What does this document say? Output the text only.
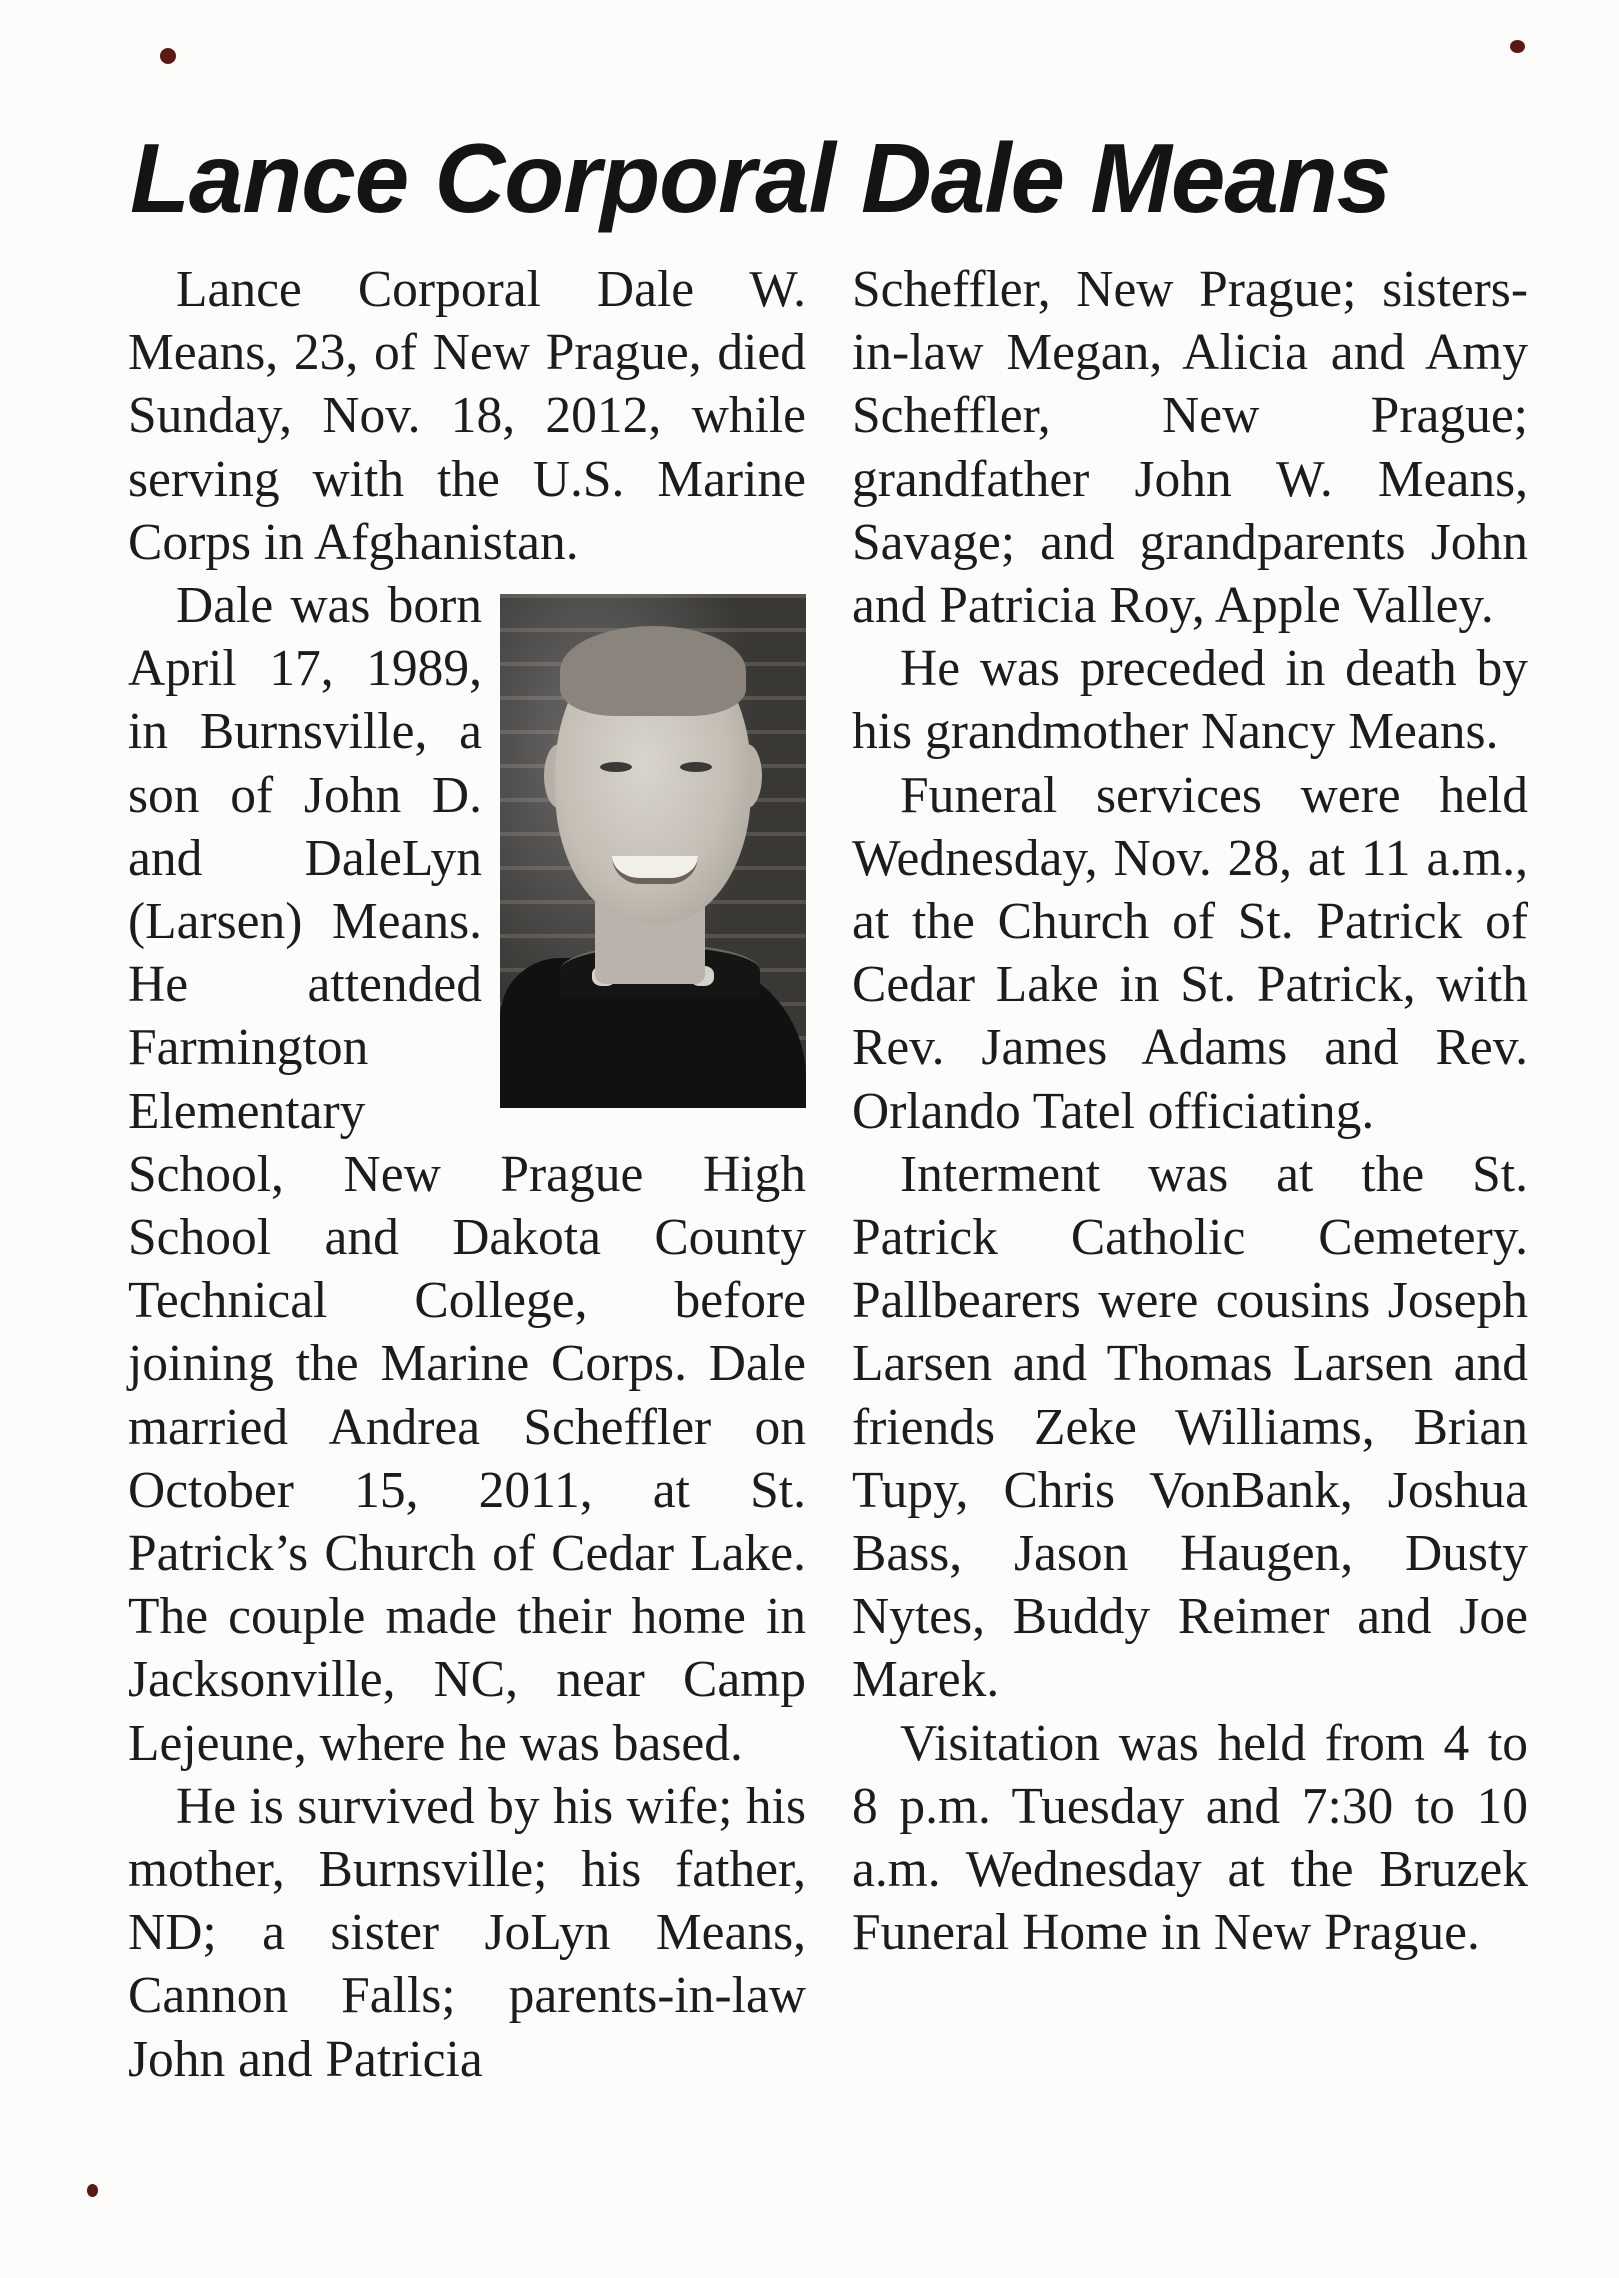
Lance Corporal Dale Means

Lance Corporal Dale W. Means, 23, of New Prague, died Sunday, Nov. 18, 2012, while serving with the U.S. Marine Corps in Afghanistan.

Dale was born April 17, 1989, in Burnsville, a son of John D. and DaleLyn (Larsen) Means. He attended Farmington Elementary School, New Prague High School and Dakota County Technical College, before joining the Marine Corps. Dale married Andrea Scheffler on October 15, 2011, at St. Patrick’s Church of Cedar Lake. The couple made their home in Jacksonville, NC, near Camp Lejeune, where he was based.

He is survived by his wife; his mother, Burnsville; his father, ND; a sister JoLyn Means, Cannon Falls; parents-in-law John and Patricia

Scheffler, New Prague; sisters-in-law Megan, Alicia and Amy Scheffler, New Prague; grandfather John W. Means, Savage; and grandparents John and Patricia Roy, Apple Valley.

He was preceded in death by his grandmother Nancy Means.

Funeral services were held Wednesday, Nov. 28, at 11 a.m., at the Church of St. Patrick of Cedar Lake in St. Patrick, with Rev. James Adams and Rev. Orlando Tatel officiating.

Interment was at the St. Patrick Catholic Cemetery. Pallbearers were cousins Joseph Larsen and Thomas Larsen and friends Zeke Williams, Brian Tupy, Chris VonBank, Joshua Bass, Jason Haugen, Dusty Nytes, Buddy Reimer and Joe Marek.

Visitation was held from 4 to 8 p.m. Tuesday and 7:30 to 10 a.m. Wednesday at the Bruzek Funeral Home in New Prague.
